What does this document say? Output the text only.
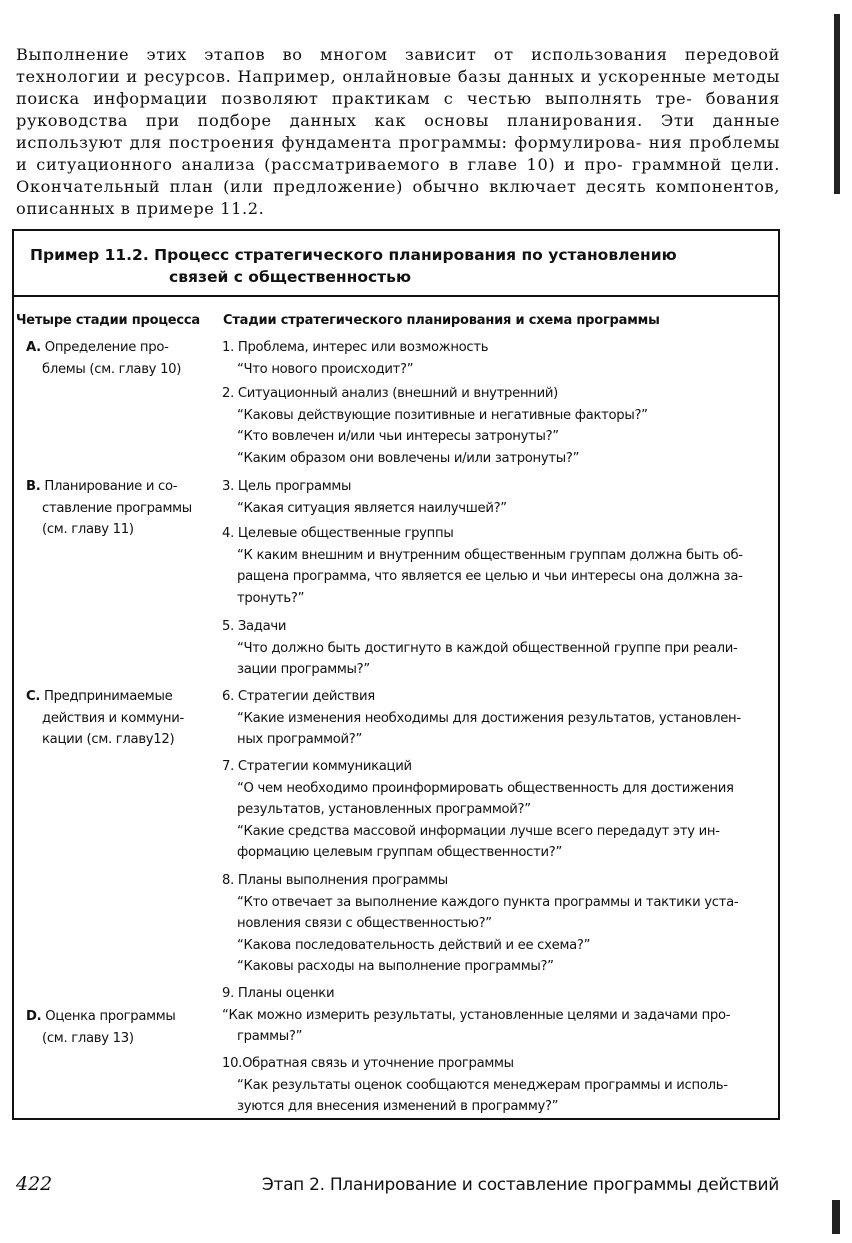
Выполнение этих этапов во многом зависит от использования передовой технологии и ресурсов. Например, онлайновые базы данных и ускоренные методы поиска информации позволяют практикам с честью выполнять тре- бования руководства при подборе данных как основы планирования. Эти данные используют для построения фундамента программы: формулирова- ния проблемы и ситуационного анализа (рассматриваемого в главе 10) и про- граммной цели. Окончательный план (или предложение) обычно включает десять компонентов, описанных в примере 11.2.

Пример 11.2. Процесс стратегического планирования по установлению
связей с общественностью

Четыре стадии процесса Стадии стратегического планирования и схема программы
A. Определение про-
блемы (см. главу 10)
B. Планирование и со-
ставление программы
(см. главу 11)
C. Предпринимаемые
действия и коммуни-
кации (см. главу12)
D. Оценка программы
(см. главу 13)
1. Проблема, интерес или возможность
“Что нового происходит?”
2. Ситуационный анализ (внешний и внутренний)
“Каковы действующие позитивные и негативные факторы?”
“Кто вовлечен и/или чьи интересы затронуты?”
“Каким образом они вовлечены и/или затронуты?”
3. Цель программы
“Какая ситуация является наилучшей?”
4. Целевые общественные группы
“К каким внешним и внутренним общественным группам должна быть об-
ращена программа, что является ее целью и чьи интересы она должна за-
тронуть?”
5. Задачи
“Что должно быть достигнуто в каждой общественной группе при реали-
зации программы?”
6. Стратегии действия
“Какие изменения необходимы для достижения результатов, установлен-
ных программой?”
7. Стратегии коммуникаций
“О чем необходимо проинформировать общественность для достижения
результатов, установленных программой?”
“Какие средства массовой информации лучше всего передадут эту ин-
формацию целевым группам общественности?”
8. Планы выполнения программы
“Кто отвечает за выполнение каждого пункта программы и тактики уста-
новления связи с общественностью?”
“Какова последовательность действий и ее схема?”
“Каковы расходы на выполнение программы?”
9. Планы оценки
“Как можно измерить результаты, установленные целями и задачами про-
граммы?”
10.Обратная связь и уточнение программы
“Как результаты оценок сообщаются менеджерам программы и исполь-
зуются для внесения изменений в программу?”
422	Этап 2. Планирование и составление программы действий
